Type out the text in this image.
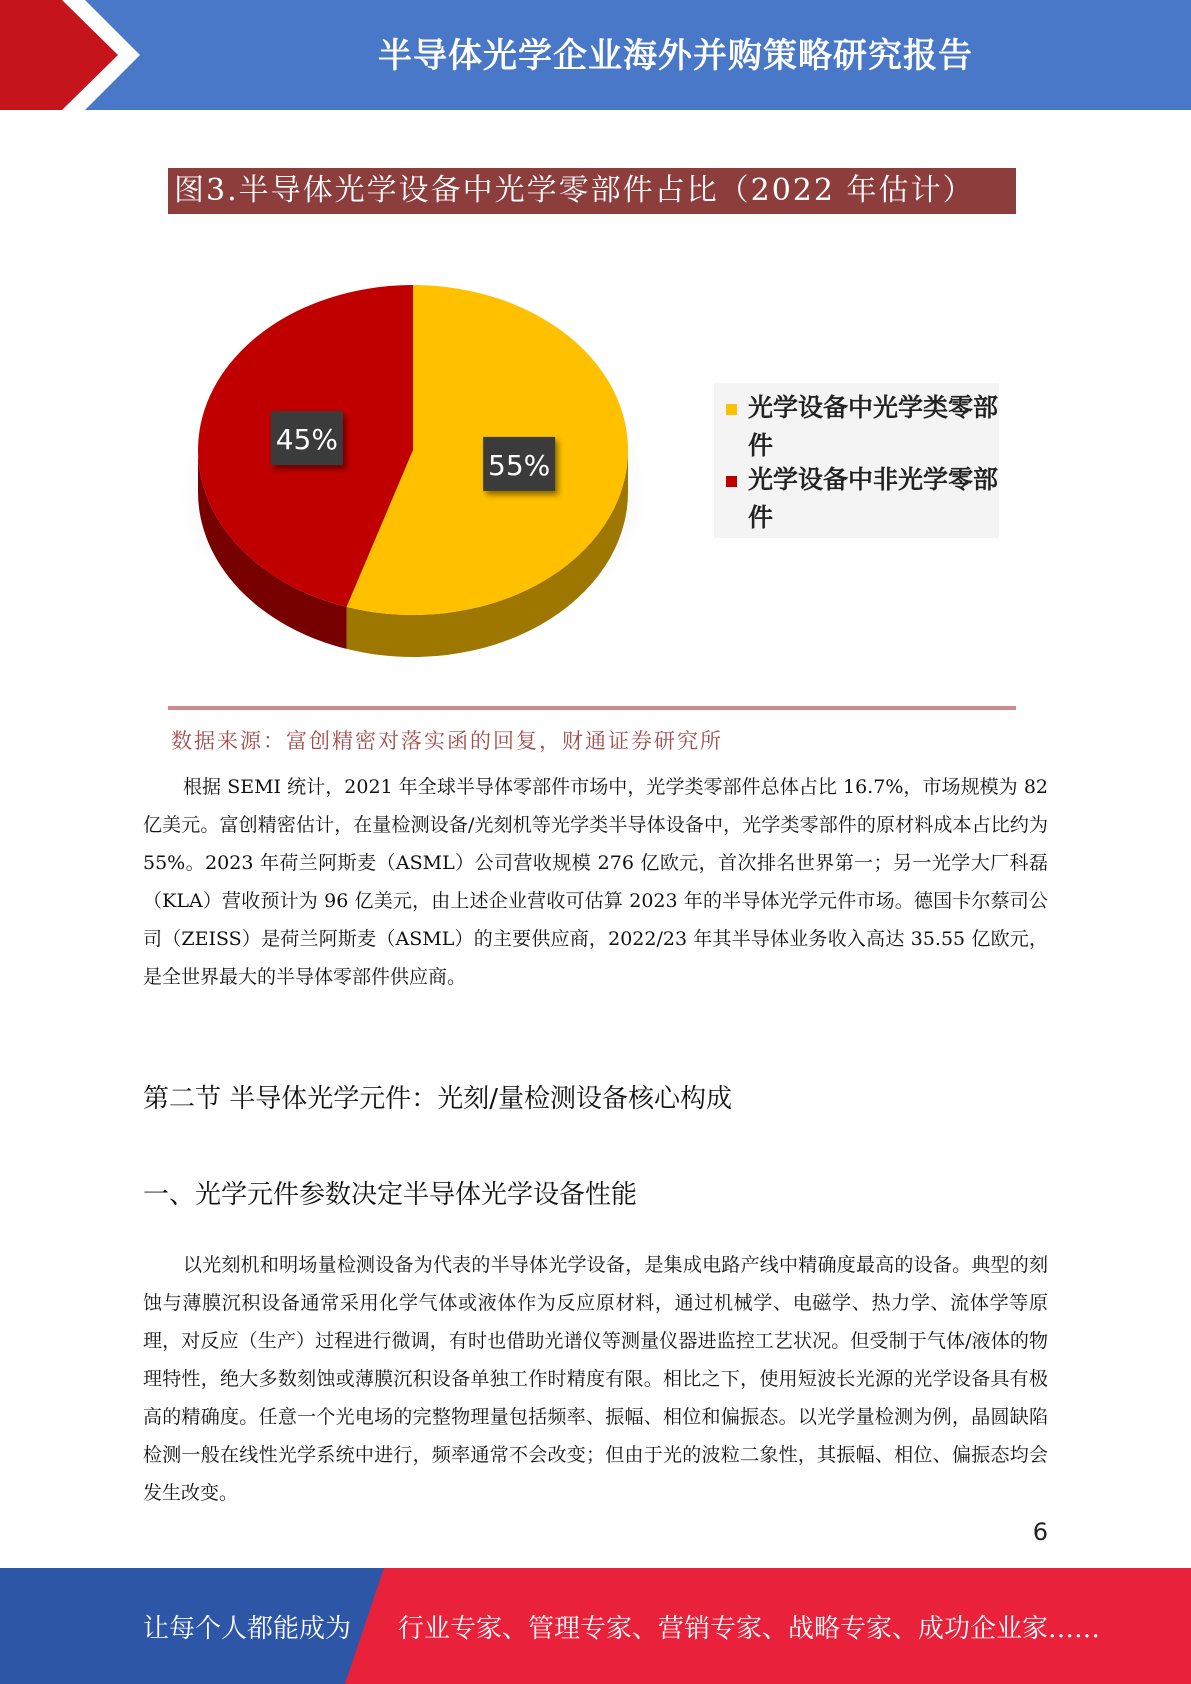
半导体光学企业海外并购策略研究报告
图3.半导体光学设备中光学零部件占比（2022 年估计）
55%
45%
光学设备中光学类零部件
光学设备中非光学零部件
数据来源：富创精密对落实函的回复，财通证券研究所

根据 SEMI 统计，2021 年全球半导体零部件市场中，光学类零部件总体占比 16.7%，市场规模为 82 亿美元。富创精密估计，在量检测设备/光刻机等光学类半导体设备中，光学类零部件的原材料成本占比约为 55%。2023 年荷兰阿斯麦（ASML）公司营收规模 276 亿欧元，首次排名世界第一；另一光学大厂科磊（KLA）营收预计为 96 亿美元，由上述企业营收可估算 2023 年的半导体光学元件市场。德国卡尔蔡司公司（ZEISS）是荷兰阿斯麦（ASML）的主要供应商，2022/23 年其半导体业务收入高达 35.55 亿欧元，是全世界最大的半导体零部件供应商。

第二节 半导体光学元件：光刻/量检测设备核心构成
一、光学元件参数决定半导体光学设备性能

以光刻机和明场量检测设备为代表的半导体光学设备，是集成电路产线中精确度最高的设备。典型的刻蚀与薄膜沉积设备通常采用化学气体或液体作为反应原材料，通过机械学、电磁学、热力学、流体学等原理，对反应（生产）过程进行微调，有时也借助光谱仪等测量仪器进监控工艺状况。但受制于气体/液体的物理特性，绝大多数刻蚀或薄膜沉积设备单独工作时精度有限。相比之下，使用短波长光源的光学设备具有极高的精确度。任意一个光电场的完整物理量包括频率、振幅、相位和偏振态。以光学量检测为例，晶圆缺陷检测一般在线性光学系统中进行，频率通常不会改变；但由于光的波粒二象性，其振幅、相位、偏振态均会发生改变。

6
让每个人都能成为 行业专家、管理专家、营销专家、战略专家、成功企业家……
